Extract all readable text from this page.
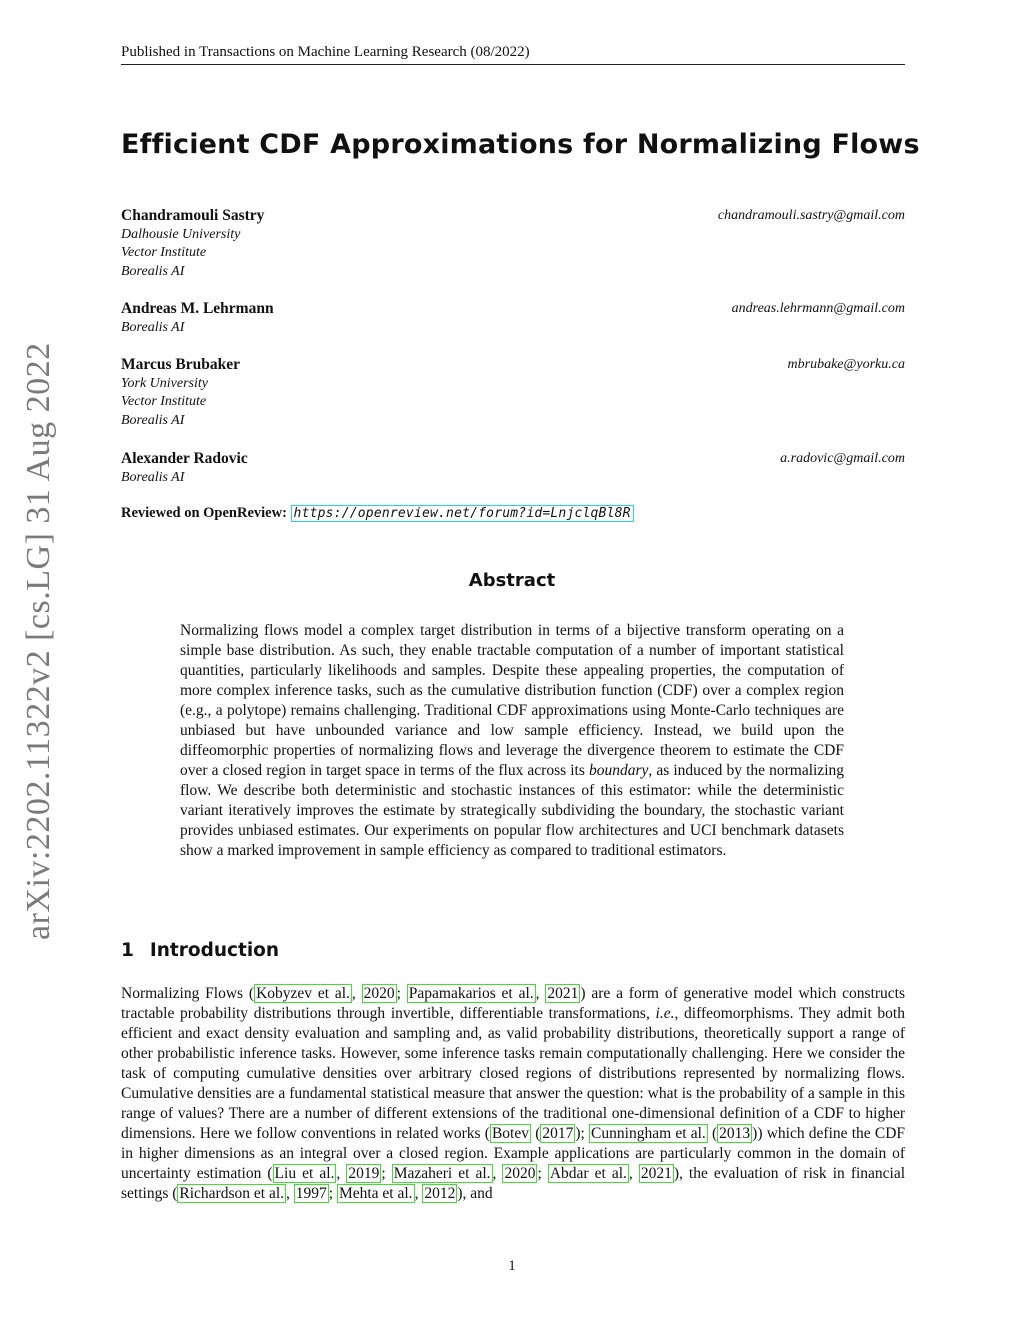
Published in Transactions on Machine Learning Research (08/2022)
arXiv:2202.11322v2 [cs.LG] 31 Aug 2022
Efficient CDF Approximations for Normalizing Flows
Chandramouli Sastry	chandramouli.sastry@gmail.com
Dalhousie University
Vector Institute
Borealis AI
Andreas M. Lehrmann	andreas.lehrmann@gmail.com
Borealis AI
Marcus Brubaker	mbrubake@yorku.ca
York University
Vector Institute
Borealis AI
Alexander Radovic	a.radovic@gmail.com
Borealis AI
Reviewed on OpenReview: https://openreview.net/forum?id=LnjclqBl8R
Abstract

Normalizing flows model a complex target distribution in terms of a bijective transform operating on a simple base distribution. As such, they enable tractable computation of a number of important statistical quantities, particularly likelihoods and samples. Despite these appealing properties, the computation of more complex inference tasks, such as the cumulative distribution function (CDF) over a complex region (e.g., a polytope) remains challenging. Traditional CDF approximations using Monte-Carlo techniques are unbiased but have unbounded variance and low sample efficiency. Instead, we build upon the diffeomorphic properties of normalizing flows and leverage the divergence theorem to estimate the CDF over a closed region in target space in terms of the flux across its boundary, as induced by the normalizing flow. We describe both deterministic and stochastic instances of this estimator: while the deterministic variant iteratively improves the estimate by strategically subdividing the boundary, the stochastic variant provides unbiased estimates. Our experiments on popular flow architectures and UCI benchmark datasets show a marked improvement in sample efficiency as compared to traditional estimators.

1 Introduction

Normalizing Flows ( Kobyzev et al. , 2020 ; Papamakarios et al. , 2021 ) are a form of generative model which constructs tractable probability distributions through invertible, differentiable transformations, i.e., diffeomorphisms. They admit both efficient and exact density evaluation and sampling and, as valid probability distributions, theoretically support a range of other probabilistic inference tasks. However, some inference tasks remain computationally challenging. Here we consider the task of computing cumulative densities over arbitrary closed regions of distributions represented by normalizing flows. Cumulative densities are a fundamental statistical measure that answer the question: what is the probability of a sample in this range of values? There are a number of different extensions of the traditional one-dimensional definition of a CDF to higher dimensions. Here we follow conventions in related works ( Botev ( 2017 ); Cunningham et al. ( 2013 )) which define the CDF in higher dimensions as an integral over a closed region. Example applications are particularly common in the domain of uncertainty estimation ( Liu et al. , 2019 ; Mazaheri et al. , 2020 ; Abdar et al. , 2021 ), the evaluation of risk in financial settings ( Richardson et al. , 1997 ; Mehta et al. , 2012 ), and

1
